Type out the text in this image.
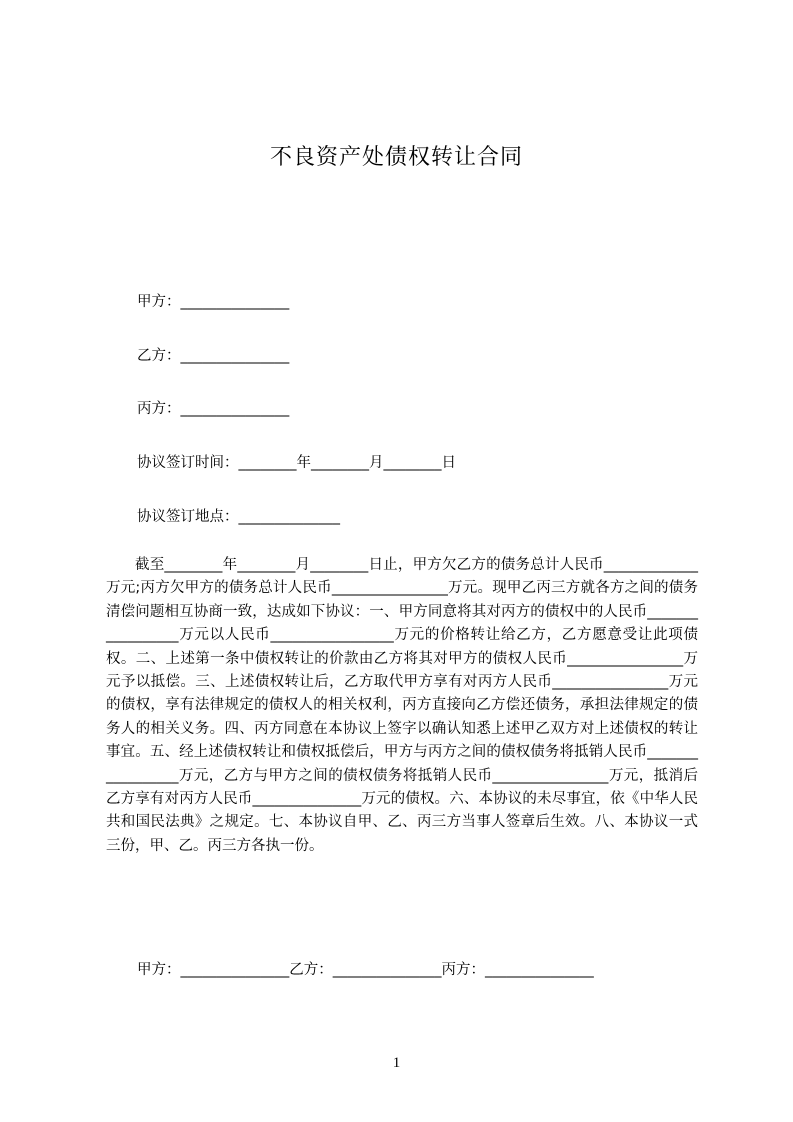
不良资产处债权转让合同
甲方：_______________
乙方：_______________
丙方：_______________
协议签订时间：________年________月________日
协议签订地点：______________
截至________年________月________日止，甲方欠乙方的债务总计人民币_____________万元;丙方欠甲方的债务总计人民币________________万元。现甲乙丙三方就各方之间的债务清偿问题相互协商一致，达成如下协议：一、甲方同意将其对丙方的债权中的人民币_________________万元以人民币_________________万元的价格转让给乙方，乙方愿意受让此项债权。二、上述第一条中债权转让的价款由乙方将其对甲方的债权人民币________________万元予以抵偿。三、上述债权转让后，乙方取代甲方享有对丙方人民币________________万元的债权，享有法律规定的债权人的相关权利，丙方直接向乙方偿还债务，承担法律规定的债务人的相关义务。四、丙方同意在本协议上签字以确认知悉上述甲乙双方对上述债权的转让事宜。五、经上述债权转让和债权抵偿后，甲方与丙方之间的债权债务将抵销人民币_________________万元，乙方与甲方之间的债权债务将抵销人民币________________万元，抵消后乙方享有对丙方人民币_______________万元的债权。六、本协议的未尽事宜，依《中华人民共和国民法典》之规定。七、本协议自甲、乙、丙三方当事人签章后生效。八、本协议一式三份，甲、乙。丙三方各执一份。
甲方：_______________乙方：_______________丙方：_______________
1
